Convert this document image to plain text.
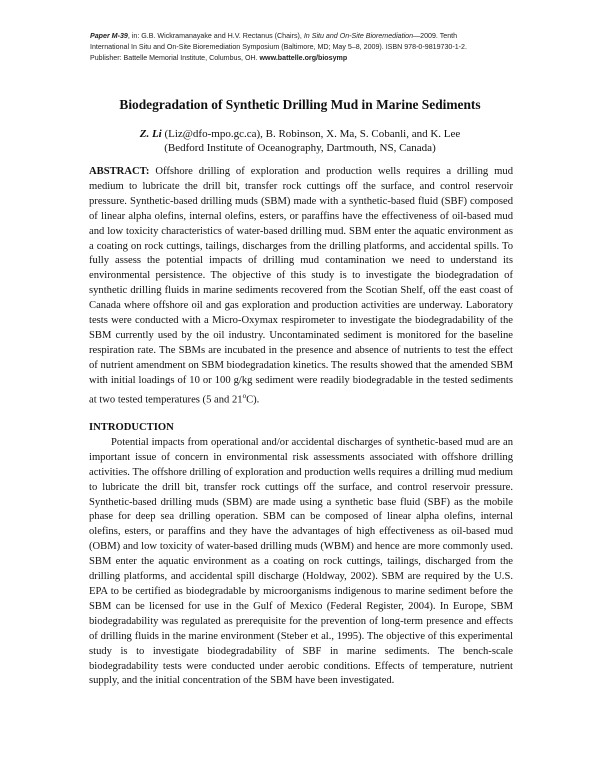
Paper M-39, in: G.B. Wickramanayake and H.V. Rectanus (Chairs), In Situ and On-Site Bioremediation—2009. Tenth
International In Situ and On-Site Bioremediation Symposium (Baltimore, MD; May 5–8, 2009). ISBN 978-0-9819730-1-2.
Publisher: Battelle Memorial Institute, Columbus, OH. www.battelle.org/biosymp
Biodegradation of Synthetic Drilling Mud in Marine Sediments
Z. Li (Liz@dfo-mpo.gc.ca), B. Robinson, X. Ma, S. Cobanli, and K. Lee
(Bedford Institute of Oceanography, Dartmouth, NS, Canada)

ABSTRACT: Offshore drilling of exploration and production wells requires a drilling mud medium to lubricate the drill bit, transfer rock cuttings off the surface, and control reservoir pressure. Synthetic-based drilling muds (SBM) made with a synthetic-based fluid (SBF) composed of linear alpha olefins, internal olefins, esters, or paraffins have the effectiveness of oil-based mud and low toxicity characteristics of water-based drilling mud. SBM enter the aquatic environment as a coating on rock cuttings, tailings, discharges from the drilling platforms, and accidental spills. To fully assess the potential impacts of drilling mud contamination we need to understand its environmental persistence. The objective of this study is to investigate the biodegradation of synthetic drilling fluids in marine sediments recovered from the Scotian Shelf, off the east coast of Canada where offshore oil and gas exploration and production activities are underway. Laboratory tests were conducted with a Micro-Oxymax respirometer to investigate the biodegradability of the SBM currently used by the oil industry. Uncontaminated sediment is monitored for the baseline respiration rate. The SBMs are incubated in the presence and absence of nutrients to test the effect of nutrient amendment on SBM biodegradation kinetics. The results showed that the amended SBM with initial loadings of 10 or 100 g/kg sediment were readily biodegradable in the tested sediments at two tested temperatures (5 and 21$^o$C).

INTRODUCTION

Potential impacts from operational and/or accidental discharges of synthetic-based mud are an important issue of concern in environmental risk assessments associated with offshore drilling activities. The offshore drilling of exploration and production wells requires a drilling mud medium to lubricate the drill bit, transfer rock cuttings off the surface, and control reservoir pressure. Synthetic-based drilling muds (SBM) are made using a synthetic base fluid (SBF) as the mobile phase for deep sea drilling operation. SBM can be composed of linear alpha olefins, internal olefins, esters, or paraffins and they have the advantages of high effectiveness as oil-based mud (OBM) and low toxicity of water-based drilling muds (WBM) and hence are more commonly used. SBM enter the aquatic environment as a coating on rock cuttings, tailings, discharged from the drilling platforms, and accidental spill discharge (Holdway, 2002). SBM are required by the U.S. EPA to be certified as biodegradable by microorganisms indigenous to marine sediment before the SBM can be licensed for use in the Gulf of Mexico (Federal Register, 2004). In Europe, SBM biodegradability was regulated as prerequisite for the prevention of long-term presence and effects of drilling fluids in the marine environment (Steber et al., 1995). The objective of this experimental study is to investigate biodegradability of SBF in marine sediments. The bench-scale biodegradability tests were conducted under aerobic conditions. Effects of temperature, nutrient supply, and the initial concentration of the SBM have been investigated.
